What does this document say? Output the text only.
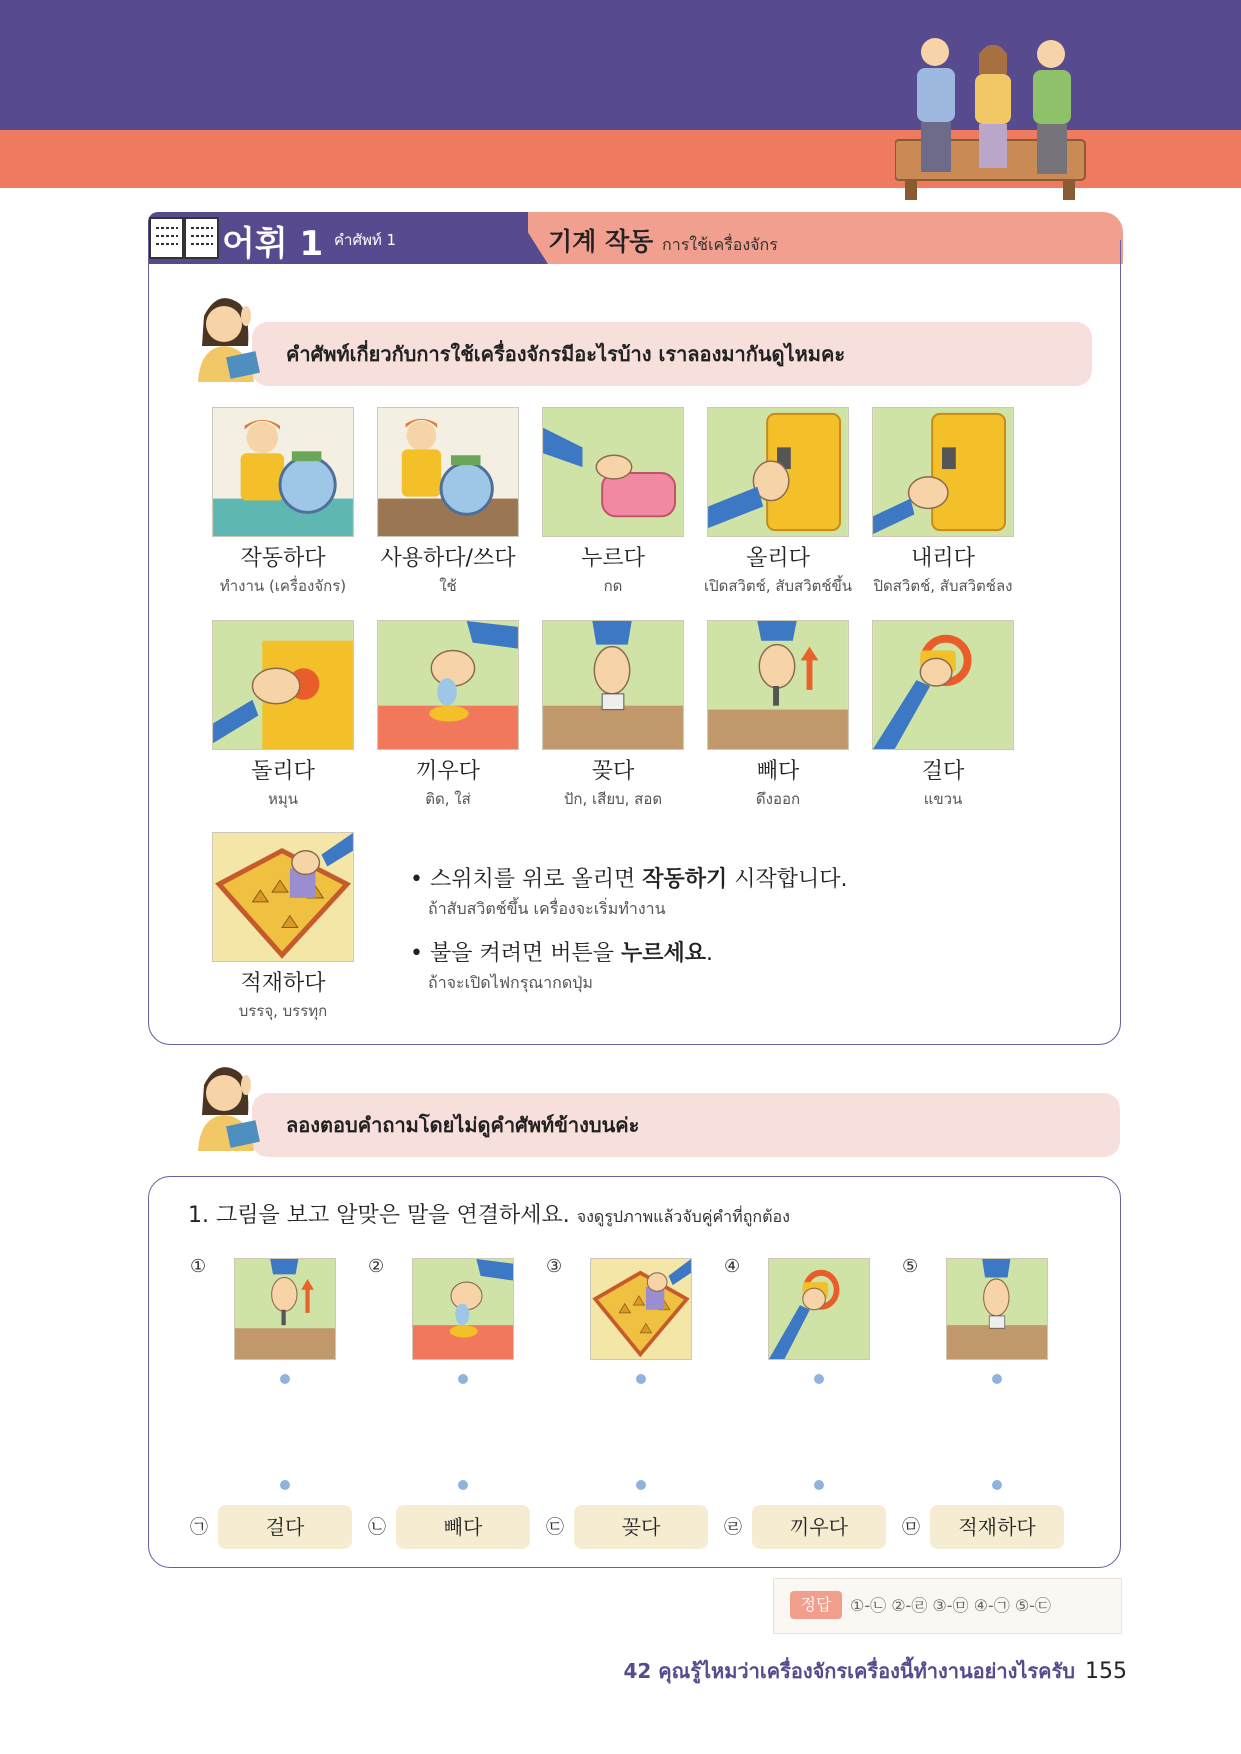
어휘 1 คำศัพท์ 1	기계 작동 การใช้เครื่องจักร
คำศัพท์เกี่ยวกับการใช้เครื่องจักรมีอะไรบ้าง เราลองมากันดูไหมคะ
작동하다
ทำงาน (เครื่องจักร)
사용하다/쓰다
ใช้
누르다
กด
올리다
เปิดสวิตช์, สับสวิตช์ขึ้น
내리다
ปิดสวิตช์, สับสวิตช์ลง
돌리다
หมุน
끼우다
ติด, ใส่
꽂다
ปัก, เสียบ, สอด
빼다
ดึงออก
걸다
แขวน
적재하다
บรรจุ, บรรทุก
• 스위치를 위로 올리면 작동하기 시작합니다.
ถ้าสับสวิตช์ขึ้น เครื่องจะเริ่มทำงาน
• 불을 켜려면 버튼을 누르세요.
ถ้าจะเปิดไฟกรุณากดปุ่ม
ลองตอบคำถามโดยไม่ดูคำศัพท์ข้างบนค่ะ
1. 그림을 보고 알맞은 말을 연결하세요. จงดูรูปภาพแล้วจับคู่คำที่ถูกต้อง
①	②	③	④	⑤
㉠	걸다	㉡	빼다	㉢	꽂다	㉣	끼우다	㉤	적재하다
정답	①-㉡ ②-㉣ ③-㉤ ④-㉠ ⑤-㉢
42 คุณรู้ไหมว่าเครื่องจักรเครื่องนี้ทำงานอย่างไรครับ 155
